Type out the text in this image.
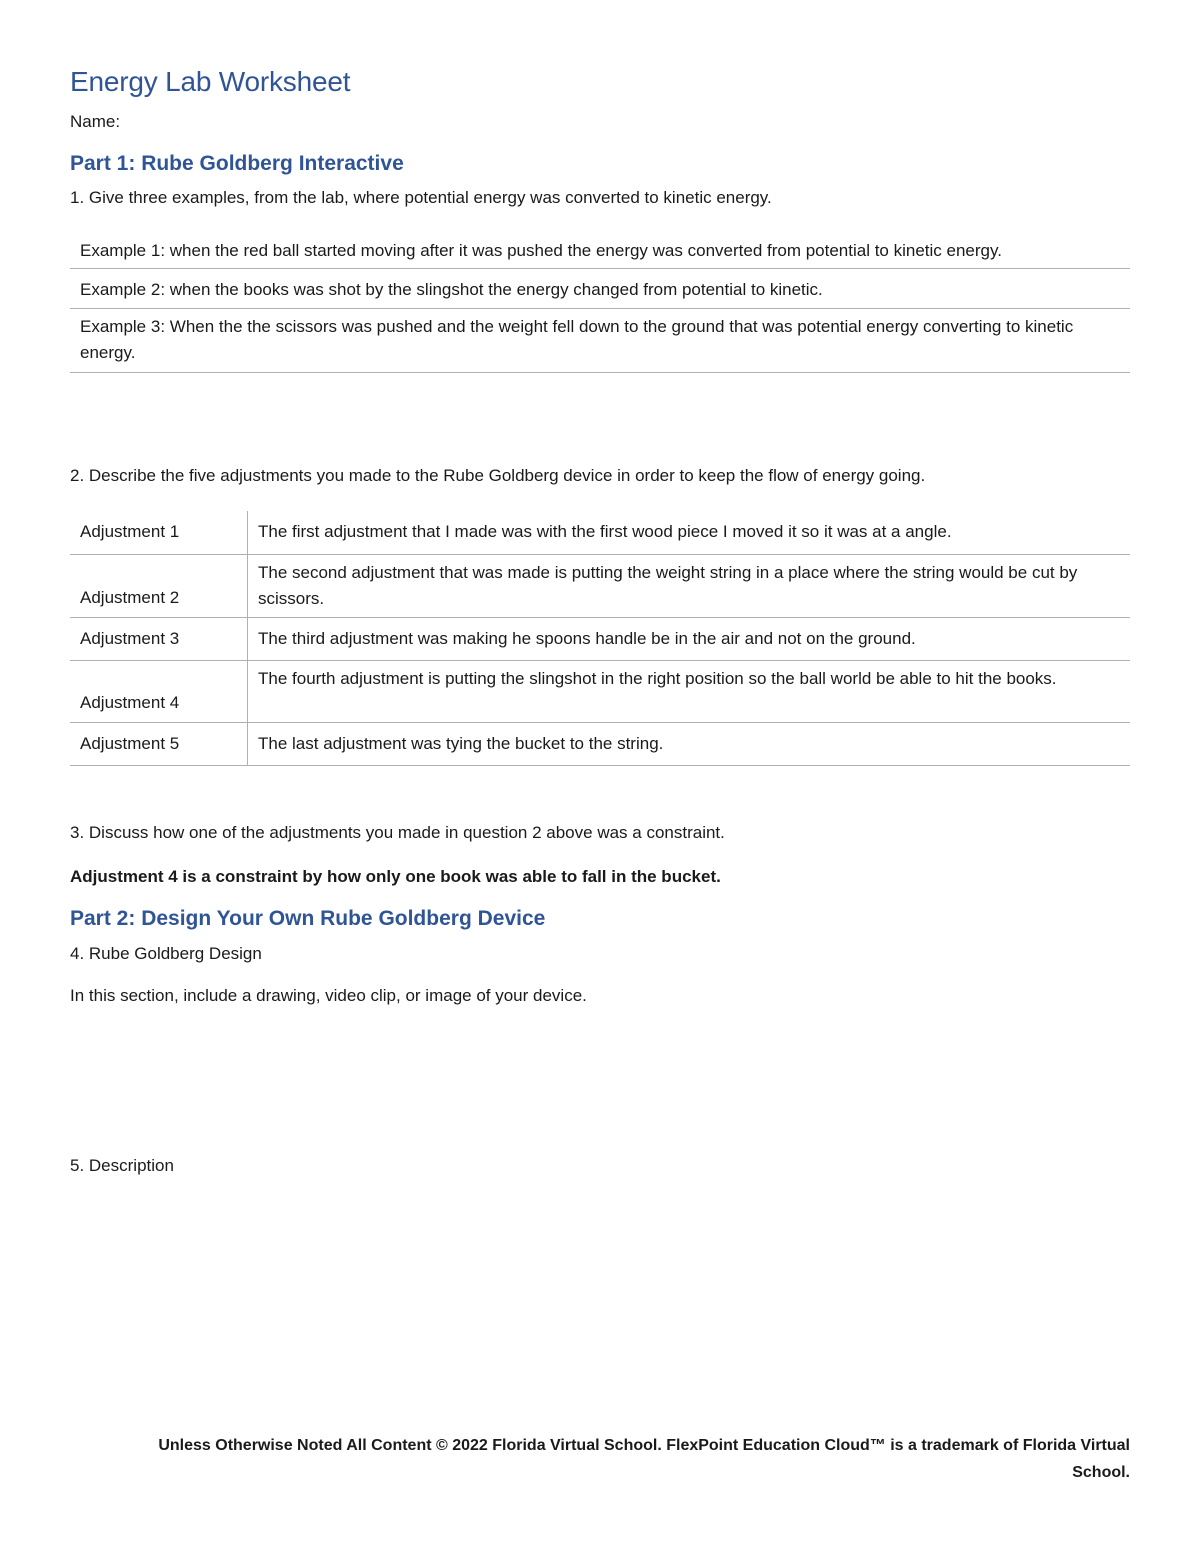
Energy Lab Worksheet
Name:
Part 1: Rube Goldberg Interactive
1. Give three examples, from the lab, where potential energy was converted to kinetic energy.
Example 1: when the red ball started moving after it was pushed the energy was converted from potential to kinetic energy.
Example 2: when the books was shot by the slingshot the energy changed from potential to kinetic.
Example 3: When the the scissors was pushed and the weight fell down to the ground that was potential energy converting to kinetic energy.
2. Describe the five adjustments you made to the Rube Goldberg device in order to keep the flow of energy going.
Adjustment 1	The first adjustment that I made was with the first wood piece I moved it so it was at a angle.
Adjustment 2	The second adjustment that was made is putting the weight string in a place where the string would be cut by scissors.
Adjustment 3	The third adjustment was making he spoons handle be in the air and not on the ground.
Adjustment 4	The fourth adjustment is putting the slingshot in the right position so the ball world be able to hit the books.
Adjustment 5	The last adjustment was tying the bucket to the string.
3. Discuss how one of the adjustments you made in question 2 above was a constraint.
Adjustment 4 is a constraint by how only one book was able to fall in the bucket.
Part 2: Design Your Own Rube Goldberg Device
4. Rube Goldberg Design
In this section, include a drawing, video clip, or image of your device.
5. Description
Unless Otherwise Noted All Content © 2022 Florida Virtual School. FlexPoint Education Cloud™ is a trademark of Florida Virtual
School.
